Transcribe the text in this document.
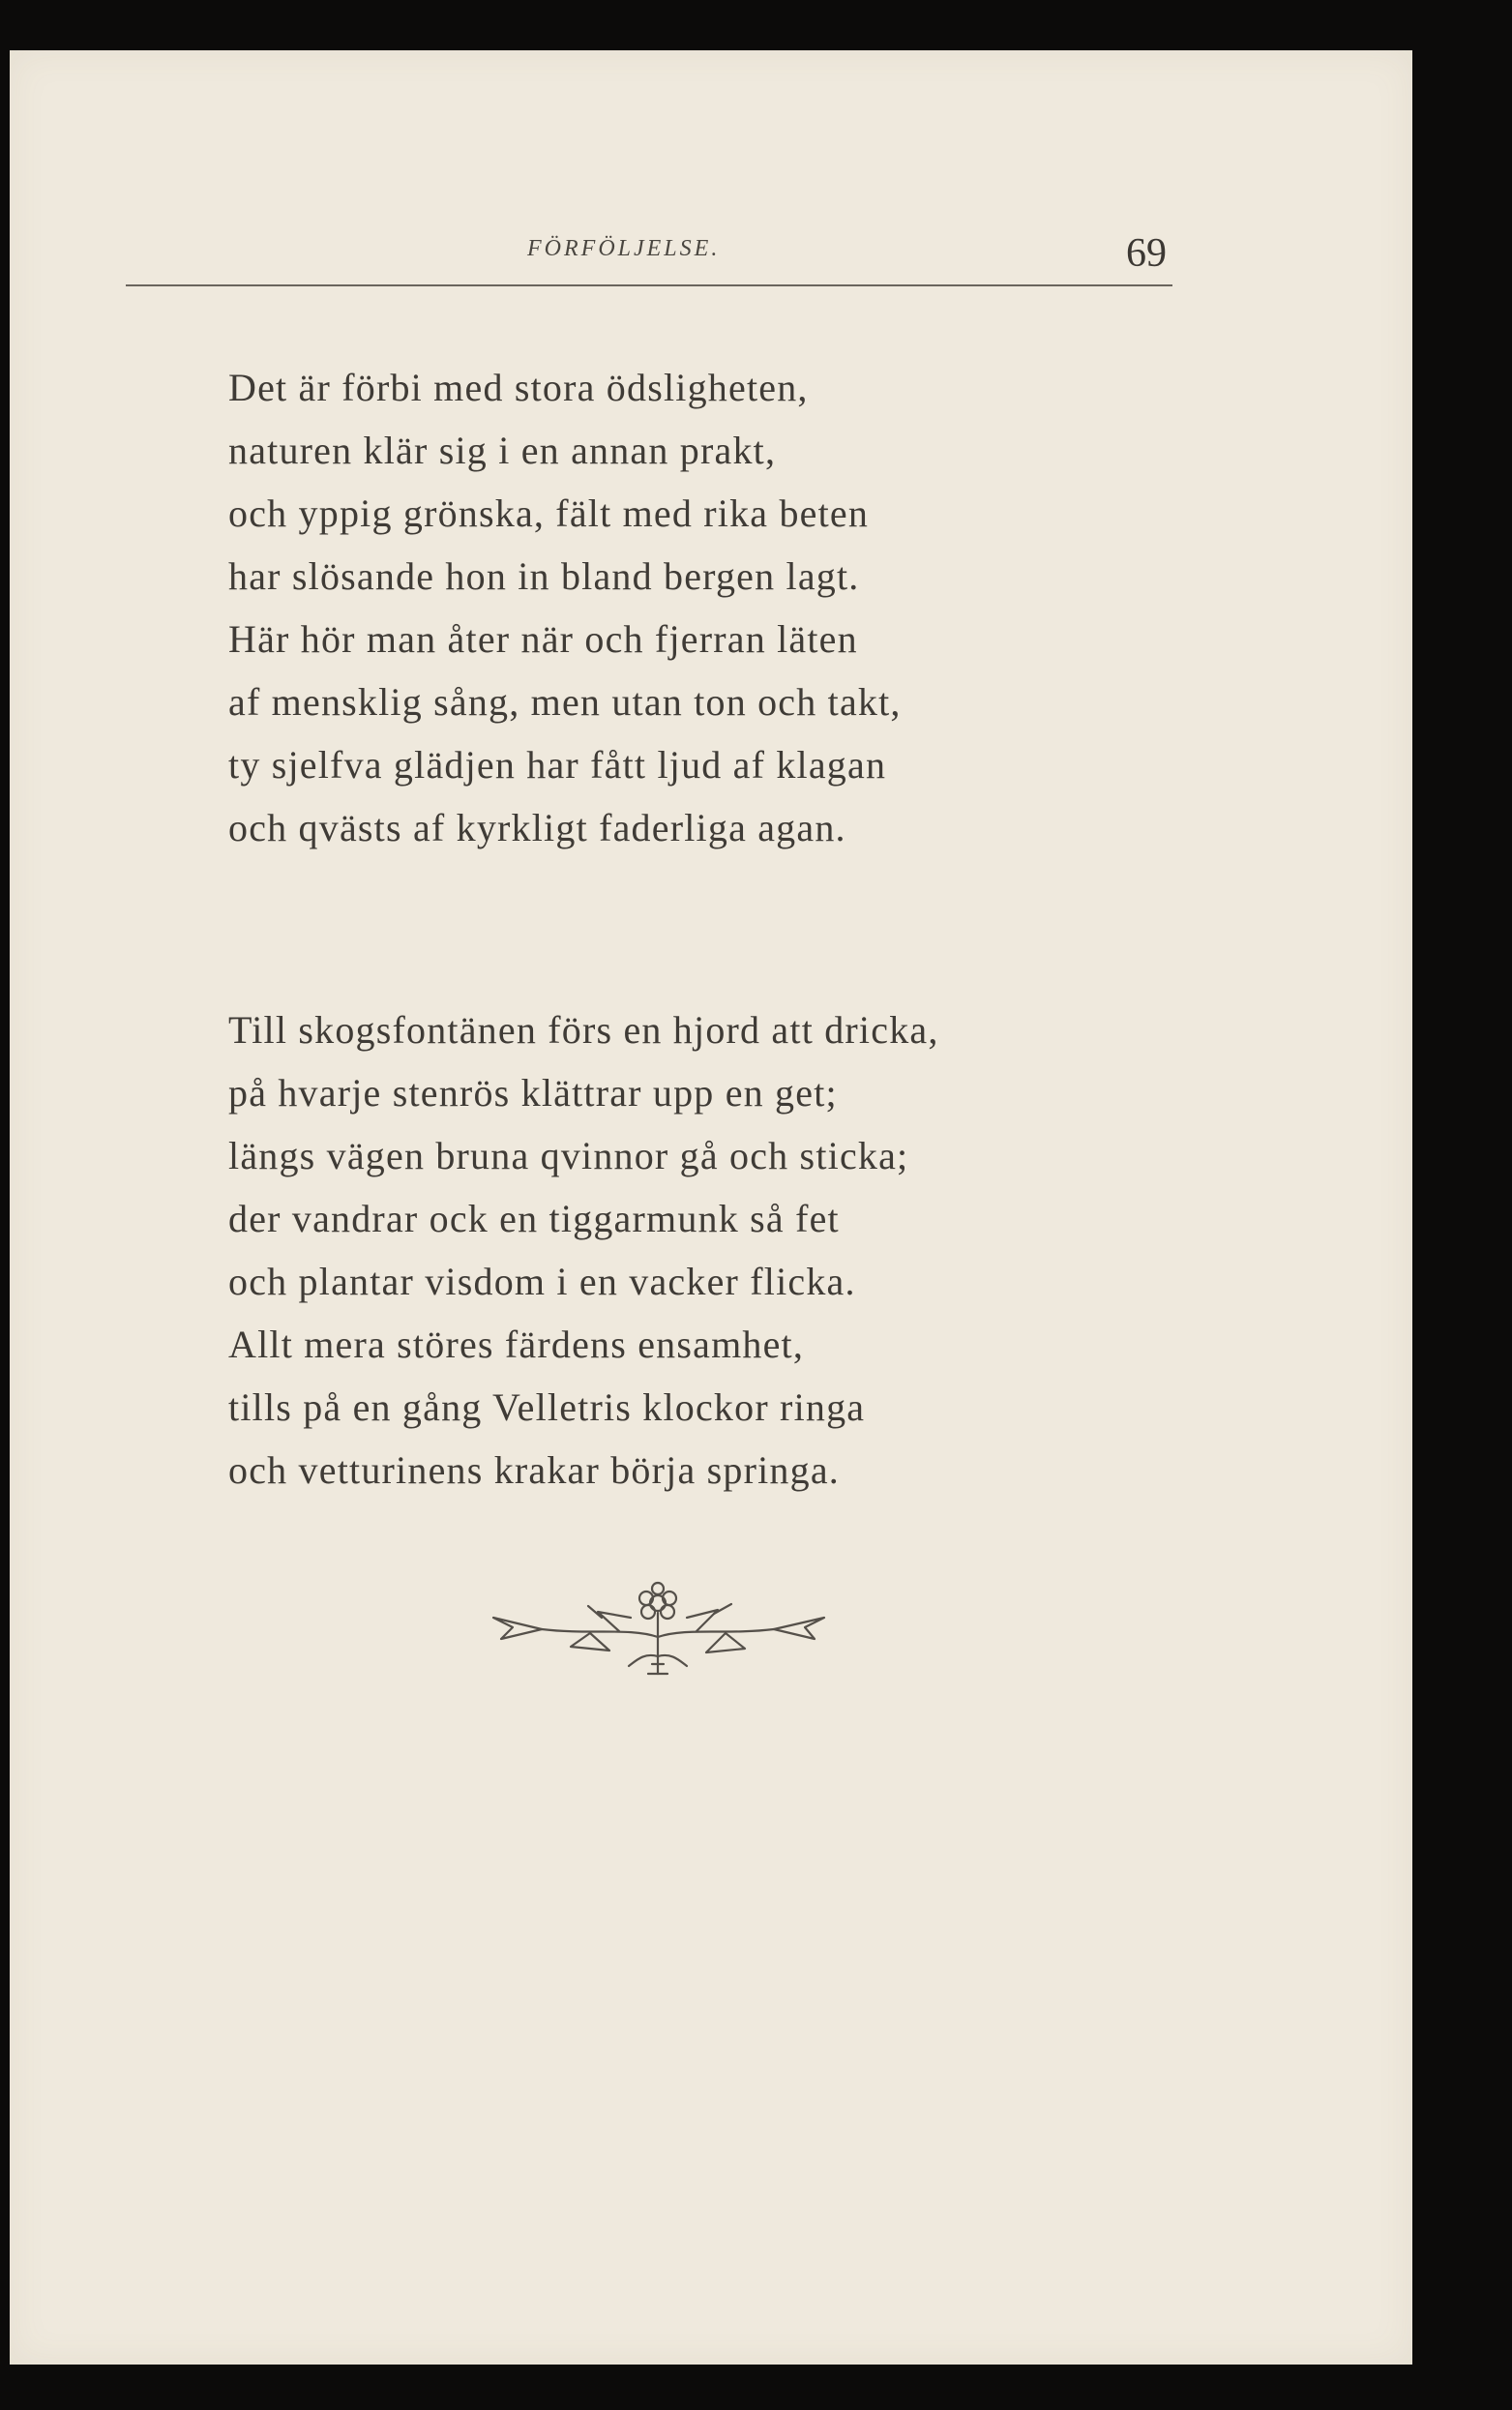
FÖRFÖLJELSE.	69
Det är förbi med stora ödsligheten,
naturen klär sig i en annan prakt,
och yppig grönska, fält med rika beten
har slösande hon in bland bergen lagt.
Här hör man åter när och fjerran läten
af mensklig sång, men utan ton och takt,
ty sjelfva glädjen har fått ljud af klagan
och qvästs af kyrkligt faderliga agan.
Till skogsfontänen förs en hjord att dricka,
på hvarje stenrös klättrar upp en get;
längs vägen bruna qvinnor gå och sticka;
der vandrar ock en tiggarmunk så fet
och plantar visdom i en vacker flicka.
Allt mera störes färdens ensamhet,
tills på en gång Velletris klockor ringa
och vetturinens krakar börja springa.
